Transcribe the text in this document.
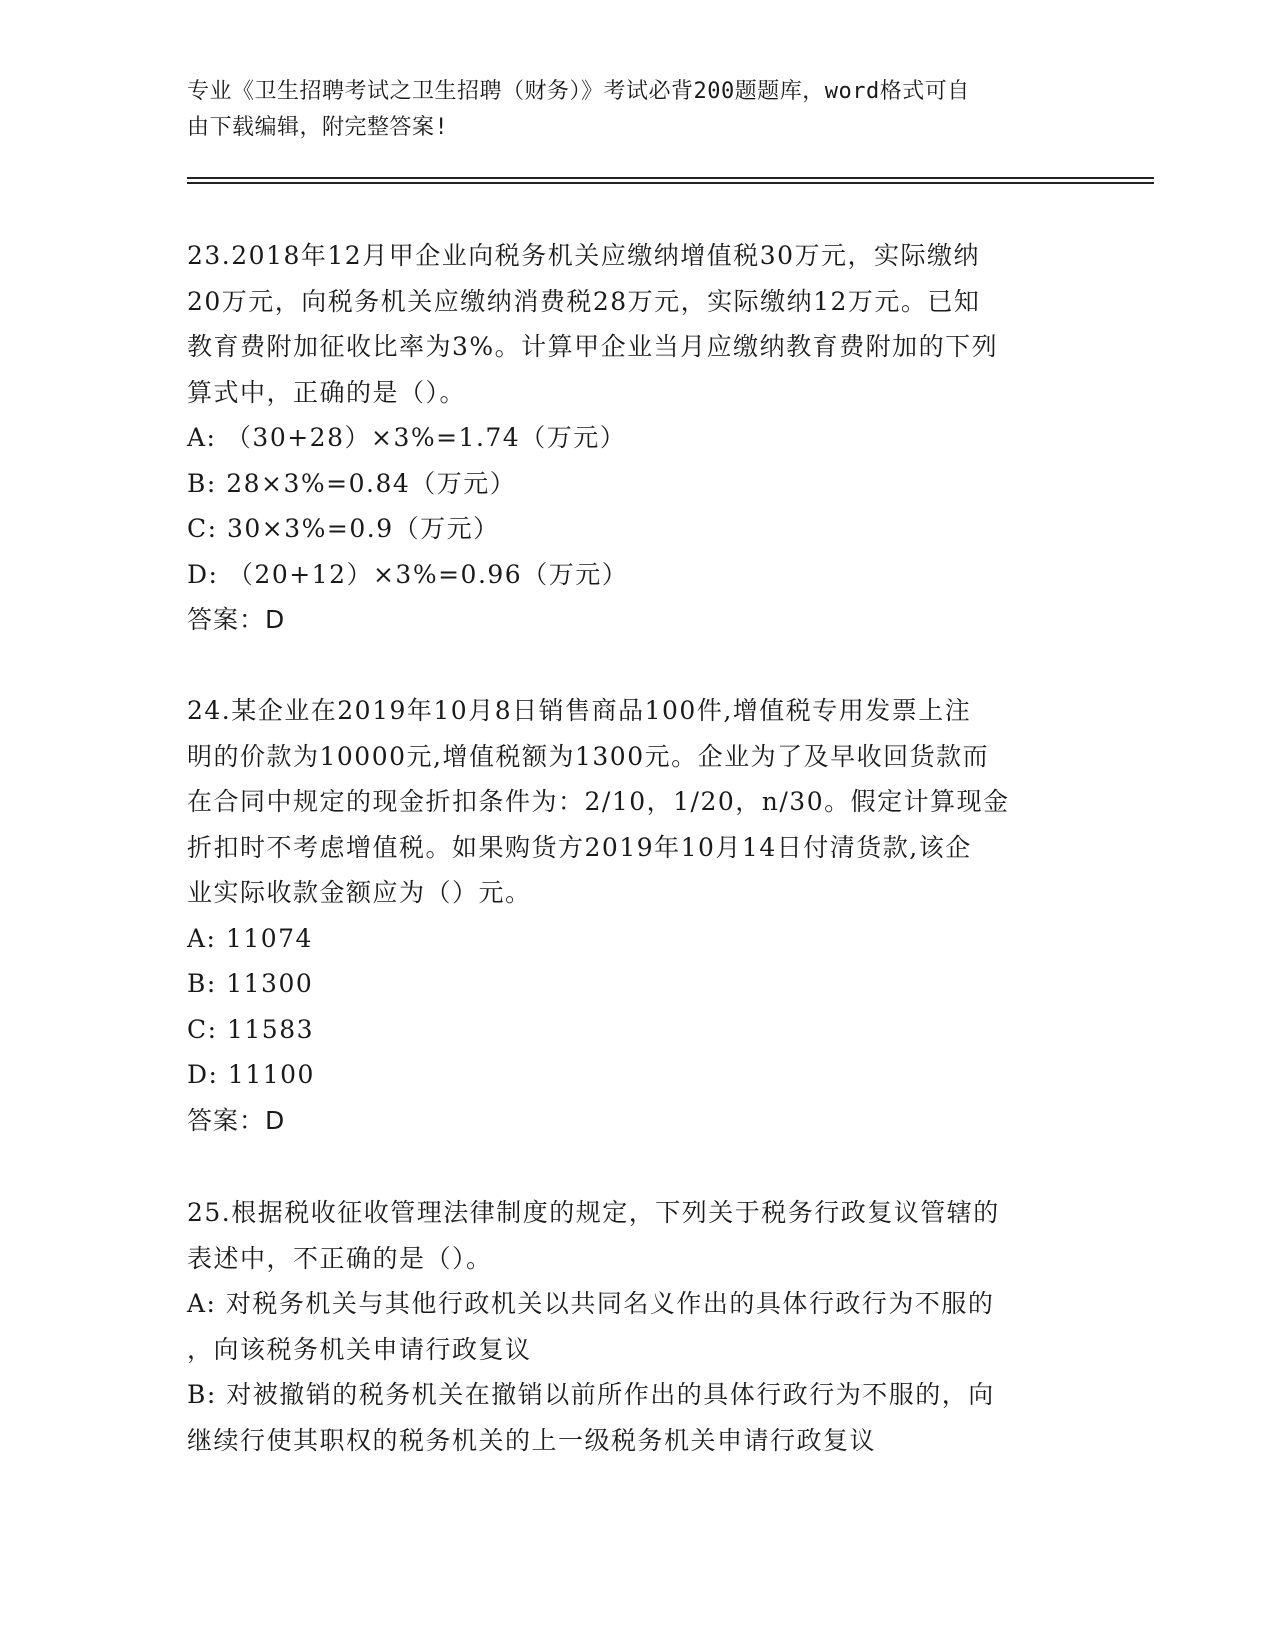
专业《卫生招聘考试之卫生招聘（财务）》考试必背200题题库，word格式可自
由下载编辑，附完整答案!
23.2018年12月甲企业向税务机关应缴纳增值税30万元，实际缴纳
20万元，向税务机关应缴纳消费税28万元，实际缴纳12万元。已知
教育费附加征收比率为3%。计算甲企业当月应缴纳教育费附加的下列
算式中，正确的是（）。
A: （30+28）×3%=1.74（万元）
B: 28×3%=0.84（万元）
C: 30×3%=0.9（万元）
D: （20+12）×3%=0.96（万元）
答案：D
24.某企业在2019年10月8日销售商品100件,增值税专用发票上注
明的价款为10000元,增值税额为1300元。企业为了及早收回货款而
在合同中规定的现金折扣条件为：2/10，1/20，n/30。假定计算现金
折扣时不考虑增值税。如果购货方2019年10月14日付清货款,该企
业实际收款金额应为（）元。
A: 11074
B: 11300
C: 11583
D: 11100
答案：D
25.根据税收征收管理法律制度的规定，下列关于税务行政复议管辖的
表述中，不正确的是（）。
A: 对税务机关与其他行政机关以共同名义作出的具体行政行为不服的
，向该税务机关申请行政复议
B: 对被撤销的税务机关在撤销以前所作出的具体行政行为不服的，向
继续行使其职权的税务机关的上一级税务机关申请行政复议
